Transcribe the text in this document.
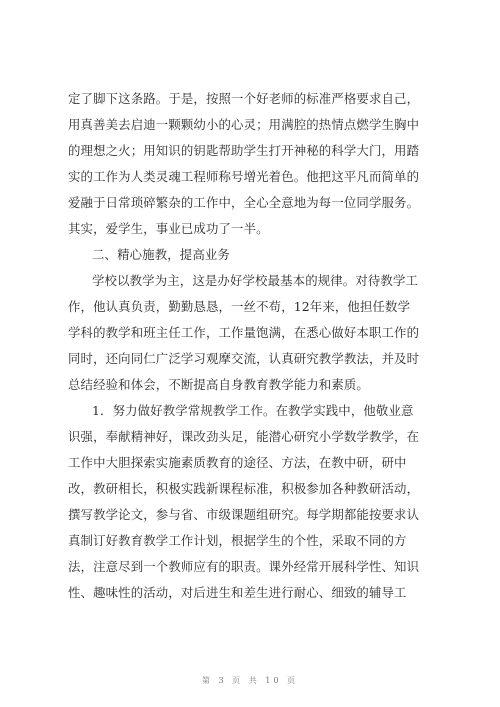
定了脚下这条路。于是，按照一个好老师的标准严格要求自己，
用真善美去启迪一颗颗幼小的心灵；用满腔的热情点燃学生胸中
的理想之火；用知识的钥匙帮助学生打开神秘的科学大门，用踏
实的工作为人类灵魂工程师称号增光着色。他把这平凡而简单的
爱融于日常琐碎繁杂的工作中，全心全意地为每一位同学服务。
其实，爱学生，事业已成功了一半。
二、精心施教，提高业务
学校以教学为主，这是办好学校最基本的规律。对待教学工
作，他认真负责，勤勤恳恳，一丝不苟，12年来，他担任数学
学科的教学和班主任工作，工作量饱满，在悉心做好本职工作的
同时，还向同仁广泛学习观摩交流，认真研究教学教法，并及时
总结经验和体会，不断提高自身教育教学能力和素质。
1．努力做好教学常规教学工作。在教学实践中，他敬业意
识强，奉献精神好，课改劲头足，能潜心研究小学数学教学，在
工作中大胆探索实施素质教育的途径、方法，在教中研，研中
改，教研相长，积极实践新课程标准，积极参加各种教研活动，
撰写教学论文，参与省、市级课题组研究。每学期都能按要求认
真制订好教育教学工作计划，根据学生的个性，采取不同的方
法，注意尽到一个教师应有的职责。课外经常开展科学性、知识
性、趣味性的活动，对后进生和差生进行耐心、细致的辅导工
第 3 页 共 10 页
